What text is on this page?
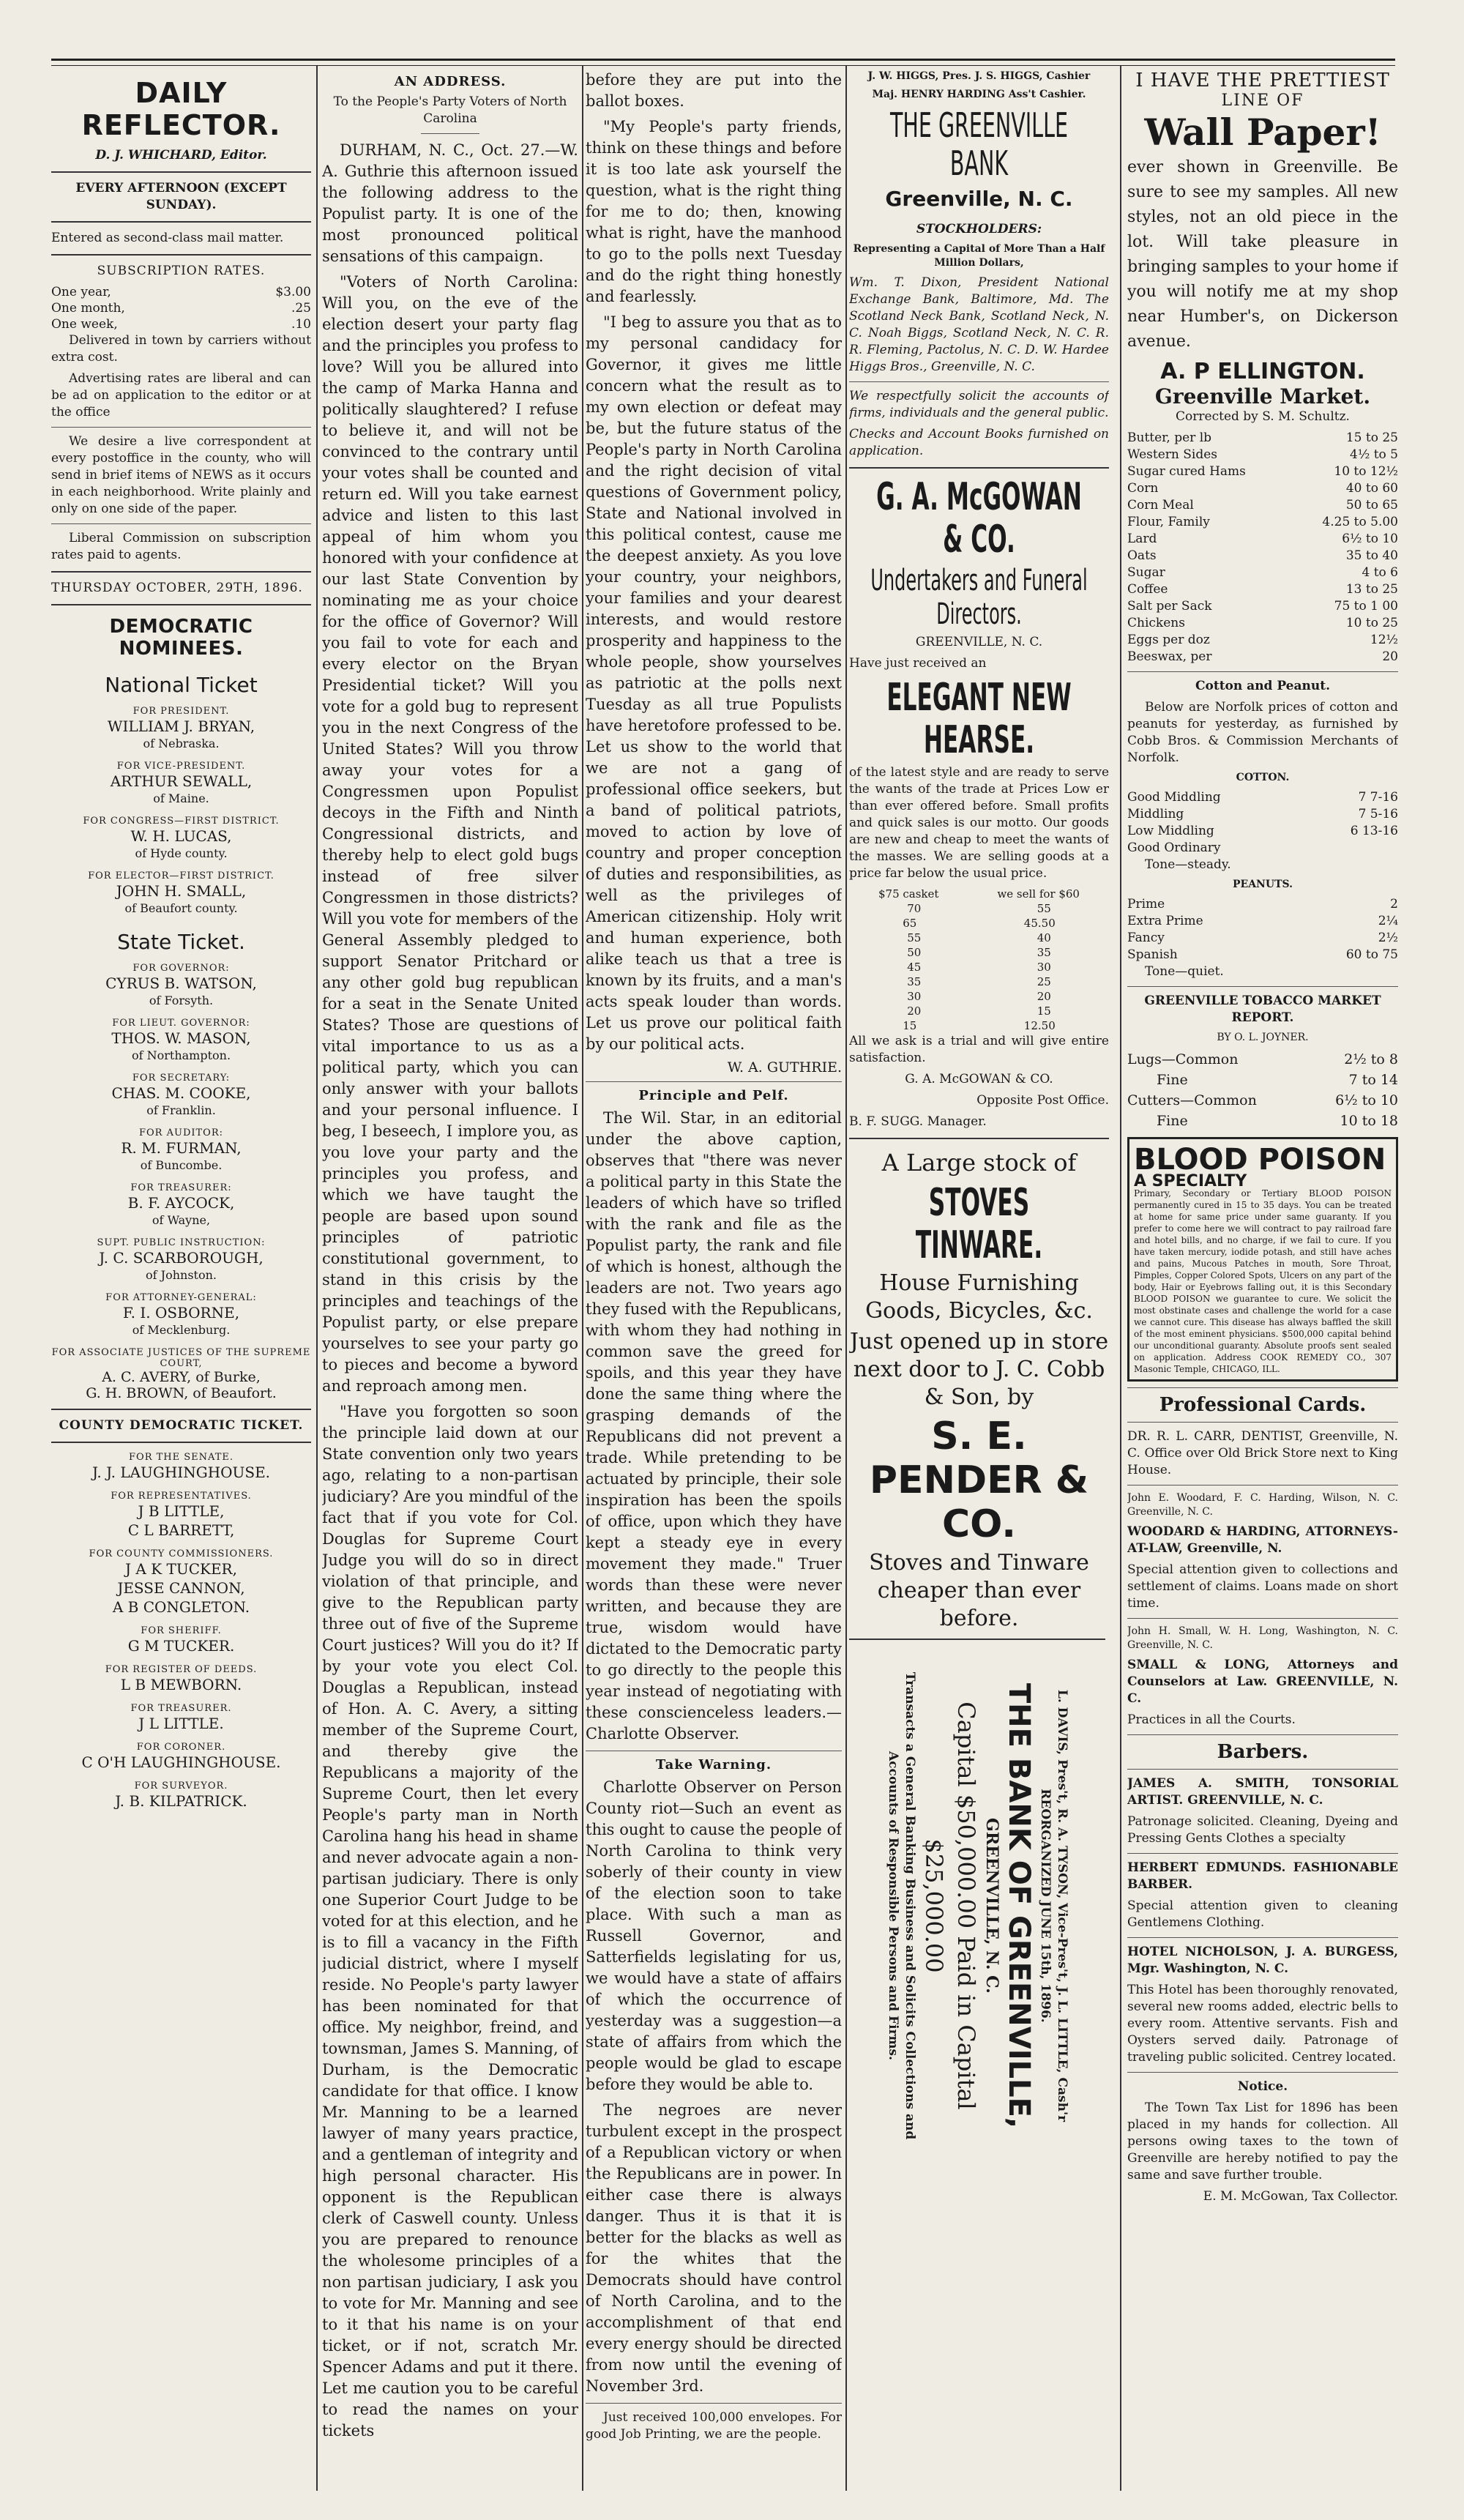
DAILY REFLECTOR.

D. J. WHICHARD, Editor.

EVERY AFTERNOON (EXCEPT SUNDAY).

Entered as second-class mail matter.

SUBSCRIPTION RATES.

One year,	$3.00
One month,	.25
One week,	.10

Delivered in town by carriers without extra cost.

Advertising rates are liberal and can be ad on application to the editor or at the office

We desire a live correspondent at every postoffice in the county, who will send in brief items of NEWS as it occurs in each neighborhood. Write plainly and only on one side of the paper.

Liberal Commission on subscription rates paid to agents.

THURSDAY OCTOBER, 29TH, 1896.

DEMOCRATIC NOMINEES.
National Ticket
FOR PRESIDENT.
WILLIAM J. BRYAN,
of Nebraska.
FOR VICE-PRESIDENT.
ARTHUR SEWALL,
of Maine.
FOR CONGRESS—FIRST DISTRICT.
W. H. LUCAS,
of Hyde county.
FOR ELECTOR—FIRST DISTRICT.
JOHN H. SMALL,
of Beaufort county.
State Ticket.
FOR GOVERNOR:
CYRUS B. WATSON,
of Forsyth.
FOR LIEUT. GOVERNOR:
THOS. W. MASON,
of Northampton.
FOR SECRETARY:
CHAS. M. COOKE,
of Franklin.
FOR AUDITOR:
R. M. FURMAN,
of Buncombe.
FOR TREASURER:
B. F. AYCOCK,
of Wayne,
SUPT. PUBLIC INSTRUCTION:
J. C. SCARBOROUGH,
of Johnston.
FOR ATTORNEY-GENERAL:
F. I. OSBORNE,
of Mecklenburg.
FOR ASSOCIATE JUSTICES OF THE SUPREME COURT,
A. C. AVERY, of Burke,
G. H. BROWN, of Beaufort.
COUNTY DEMOCRATIC TICKET.
FOR THE SENATE.
J. J. LAUGHINGHOUSE.
FOR REPRESENTATIVES.
J B LITTLE,
C L BARRETT,
FOR COUNTY COMMISSIONERS.
J A K TUCKER,
JESSE CANNON,
A B CONGLETON.
FOR SHERIFF.
G M TUCKER.
FOR REGISTER OF DEEDS.
L B MEWBORN.
FOR TREASURER.
J L LITTLE.
FOR CORONER.
C O'H LAUGHINGHOUSE.
FOR SURVEYOR.
J. B. KILPATRICK.
AN ADDRESS.

To the People's Party Voters of North Carolina

DURHAM, N. C., Oct. 27.—W. A. Guthrie this afternoon issued the following address to the Populist party. It is one of the most pronounced political sensations of this campaign.

"Voters of North Carolina: Will you, on the eve of the election desert your party flag and the principles you profess to love? Will you be allured into the camp of Marka Hanna and politically slaughtered? I refuse to believe it, and will not be convinced to the contrary until your votes shall be counted and return ed. Will you take earnest advice and listen to this last appeal of him whom you honored with your confidence at our last State Convention by nominating me as your choice for the office of Governor? Will you fail to vote for each and every elector on the Bryan Presidential ticket? Will you vote for a gold bug to represent you in the next Congress of the United States? Will you throw away your votes for a Congressmen upon Populist decoys in the Fifth and Ninth Congressional districts, and thereby help to elect gold bugs instead of free silver Congressmen in those districts? Will you vote for members of the General Assembly pledged to support Senator Pritchard or any other gold bug republican for a seat in the Senate United States? Those are questions of vital importance to us as a political party, which you can only answer with your ballots and your personal influence. I beg, I beseech, I implore you, as you love your party and the principles you profess, and which we have taught the people are based upon sound principles of patriotic constitutional government, to stand in this crisis by the principles and teachings of the Populist party, or else prepare yourselves to see your party go to pieces and become a byword and reproach among men.

"Have you forgotten so soon the principle laid down at our State convention only two years ago, relating to a non-partisan judiciary? Are you mindful of the fact that if you vote for Col. Douglas for Supreme Court Judge you will do so in direct violation of that principle, and give to the Republican party three out of five of the Supreme Court justices? Will you do it? If by your vote you elect Col. Douglas a Republican, instead of Hon. A. C. Avery, a sitting member of the Supreme Court, and thereby give the Republicans a majority of the Supreme Court, then let every People's party man in North Carolina hang his head in shame and never advocate again a non-partisan judiciary. There is only one Superior Court Judge to be voted for at this election, and he is to fill a vacancy in the Fifth judicial district, where I myself reside. No People's party lawyer has been nominated for that office. My neighbor, freind, and townsman, James S. Manning, of Durham, is the Democratic candidate for that office. I know Mr. Manning to be a learned lawyer of many years practice, and a gentleman of integrity and high personal character. His opponent is the Republican clerk of Caswell county. Unless you are prepared to renounce the wholesome principles of a non partisan judiciary, I ask you to vote for Mr. Manning and see to it that his name is on your ticket, or if not, scratch Mr. Spencer Adams and put it there. Let me caution you to be careful to read the names on your tickets

before they are put into the ballot boxes.

"My People's party friends, think on these things and before it is too late ask yourself the question, what is the right thing for me to do; then, knowing what is right, have the manhood to go to the polls next Tuesday and do the right thing honestly and fearlessly.

"I beg to assure you that as to my personal candidacy for Governor, it gives me little concern what the result as to my own election or defeat may be, but the future status of the People's party in North Carolina and the right decision of vital questions of Government policy, State and National involved in this political contest, cause me the deepest anxiety. As you love your country, your neighbors, your families and your dearest interests, and would restore prosperity and happiness to the whole people, show yourselves as patriotic at the polls next Tuesday as all true Populists have heretofore professed to be. Let us show to the world that we are not a gang of professional office seekers, but a band of political patriots, moved to action by love of country and proper conception of duties and responsibilities, as well as the privileges of American citizenship. Holy writ and human experience, both alike teach us that a tree is known by its fruits, and a man's acts speak louder than words. Let us prove our political faith by our political acts.

W. A. GUTHRIE.
Principle and Pelf.

The Wil. Star, in an editorial under the above caption, observes that "there was never a political party in this State the leaders of which have so trifled with the rank and file as the Populist party, the rank and file of which is honest, although the leaders are not. Two years ago they fused with the Republicans, with whom they had nothing in common save the greed for spoils, and this year they have done the same thing where the grasping demands of the Republicans did not prevent a trade. While pretending to be actuated by principle, their sole inspiration has been the spoils of office, upon which they have kept a steady eye in every movement they made." Truer words than these were never written, and because they are true, wisdom would have dictated to the Democratic party to go directly to the people this year instead of negotiating with these conscienceless leaders.—Charlotte Observer.

Take Warning.

Charlotte Observer on Person County riot—Such an event as this ought to cause the people of North Carolina to think very soberly of their county in view of the election soon to take place. With such a man as Russell Governor, and Satterfields legislating for us, we would have a state of affairs of which the occurrence of yesterday was a suggestion—a state of affairs from which the people would be glad to escape before they would be able to.

The negroes are never turbulent except in the prospect of a Republican victory or when the Republicans are in power. In either case there is always danger. Thus it is that it is better for the blacks as well as for the whites that the Democrats should have control of North Carolina, and to the accomplishment of that end every energy should be directed from now until the evening of November 3rd.

Just received 100,000 envelopes. For good Job Printing, we are the people.

J. W. HIGGS, Pres. J. S. HIGGS, Cashier

Maj. HENRY HARDING Ass't Cashier.

THE GREENVILLE BANK
Greenville, N. C.

STOCKHOLDERS:

Representing a Capital of More Than a Half Million Dollars,

Wm. T. Dixon, President National Exchange Bank, Baltimore, Md. The Scotland Neck Bank, Scotland Neck, N. C. Noah Biggs, Scotland Neck, N. C. R. R. Fleming, Pactolus, N. C. D. W. Hardee Higgs Bros., Greenville, N. C.

We respectfully solicit the accounts of firms, individuals and the general public.

Checks and Account Books furnished on application.

G. A. McGOWAN & CO.
Undertakers and Funeral Directors.

GREENVILLE, N. C.

Have just received an

ELEGANT NEW HEARSE.

of the latest style and are ready to serve the wants of the trade at Prices Low er than ever offered before. Small profits and quick sales is our motto. Our goods are new and cheap to meet the wants of the masses. We are selling goods at a price far below the usual price.

$75 casket	we sell for $60
70	55
65	45.50
55	40
50	35
45	30
35	25
30	20
20	15
15	12.50

All we ask is a trial and will give entire satisfaction.

G. A. McGOWAN & CO.

Opposite Post Office.

B. F. SUGG. Manager.

A Large stock of
STOVES TINWARE.
House Furnishing Goods, Bicycles, &c.
Just opened up in store next door to J. C. Cobb & Son, by
S. E. PENDER & CO.
Stoves and Tinware cheaper than ever before.
L. DAVIS, Pres't, R. A. TYSON, Vice-Pres't, J. L. LITTLE, Cash'r
REORGANIZED JUNE 15th, 1896.
THE BANK OF GREENVILLE,
GREENVILLE, N. C.
Capital $50,000.00 Paid in Capital $25,000.00
Transacts a General Banking Business and Solicits Collections and Accounts of Responsible Persons and Firms.
I HAVE THE PRETTIEST
LINE OF
Wall Paper!

ever shown in Greenville. Be sure to see my samples. All new styles, not an old piece in the lot. Will take pleasure in bringing samples to your home if you will notify me at my shop near Humber's, on Dickerson avenue.

A. P ELLINGTON.
Greenville Market.

Corrected by S. M. Schultz.

Butter, per lb	15 to 25
Western Sides	4½ to 5
Sugar cured Hams	10 to 12½
Corn	40 to 60
Corn Meal	50 to 65
Flour, Family	4.25 to 5.00
Lard	6½ to 10
Oats	35 to 40
Sugar	4 to 6
Coffee	13 to 25
Salt per Sack	75 to 1 00
Chickens	10 to 25
Eggs per doz	12½
Beeswax, per	20

Cotton and Peanut.

Below are Norfolk prices of cotton and peanuts for yesterday, as furnished by Cobb Bros. & Commission Merchants of Norfolk.

COTTON.

Good Middling	7 7-16
Middling	7 5-16
Low Middling	6 13-16
Good Ordinary

Tone—steady.

PEANUTS.

Prime	2
Extra Prime	2¼
Fancy	2½
Spanish	60 to 75

Tone—quiet.

GREENVILLE TOBACCO MARKET REPORT.

BY O. L. JOYNER.

Lugs—Common	2½ to 8
Fine	7 to 14
Cutters—Common	6½ to 10
Fine	10 to 18
BLOOD POISON
A SPECIALTY
Primary, Secondary or Tertiary BLOOD POISON permanently cured in 15 to 35 days. You can be treated at home for same price under same guaranty. If you prefer to come here we will contract to pay railroad fare and hotel bills, and no charge, if we fail to cure. If you have taken mercury, iodide potash, and still have aches and pains, Mucous Patches in mouth, Sore Throat, Pimples, Copper Colored Spots, Ulcers on any part of the body, Hair or Eyebrows falling out, it is this Secondary BLOOD POISON we guarantee to cure. We solicit the most obstinate cases and challenge the world for a case we cannot cure. This disease has always baffled the skill of the most eminent physicians. $500,000 capital behind our unconditional guaranty. Absolute proofs sent sealed on application. Address COOK REMEDY CO., 307 Masonic Temple, CHICAGO, ILL.
Professional Cards.

DR. R. L. CARR, DENTIST, Greenville, N. C. Office over Old Brick Store next to King House.

John E. Woodard, F. C. Harding, Wilson, N. C. Greenville, N. C.

WOODARD & HARDING, ATTORNEYS-AT-LAW, Greenville, N.

Special attention given to collections and settlement of claims. Loans made on short time.

John H. Small, W. H. Long, Washington, N. C. Greenville, N. C.

SMALL & LONG, Attorneys and Counselors at Law. GREENVILLE, N. C.

Practices in all the Courts.

Barbers.

JAMES A. SMITH, TONSORIAL ARTIST. GREENVILLE, N. C.

Patronage solicited. Cleaning, Dyeing and Pressing Gents Clothes a specialty

HERBERT EDMUNDS. FASHIONABLE BARBER.

Special attention given to cleaning Gentlemens Clothing.

HOTEL NICHOLSON, J. A. BURGESS, Mgr. Washington, N. C.

This Hotel has been thoroughly renovated, several new rooms added, electric bells to every room. Attentive servants. Fish and Oysters served daily. Patronage of traveling public solicited. Centrey located.

Notice.

The Town Tax List for 1896 has been placed in my hands for collection. All persons owing taxes to the town of Greenville are hereby notified to pay the same and save further trouble.

E. M. McGowan, Tax Collector.
